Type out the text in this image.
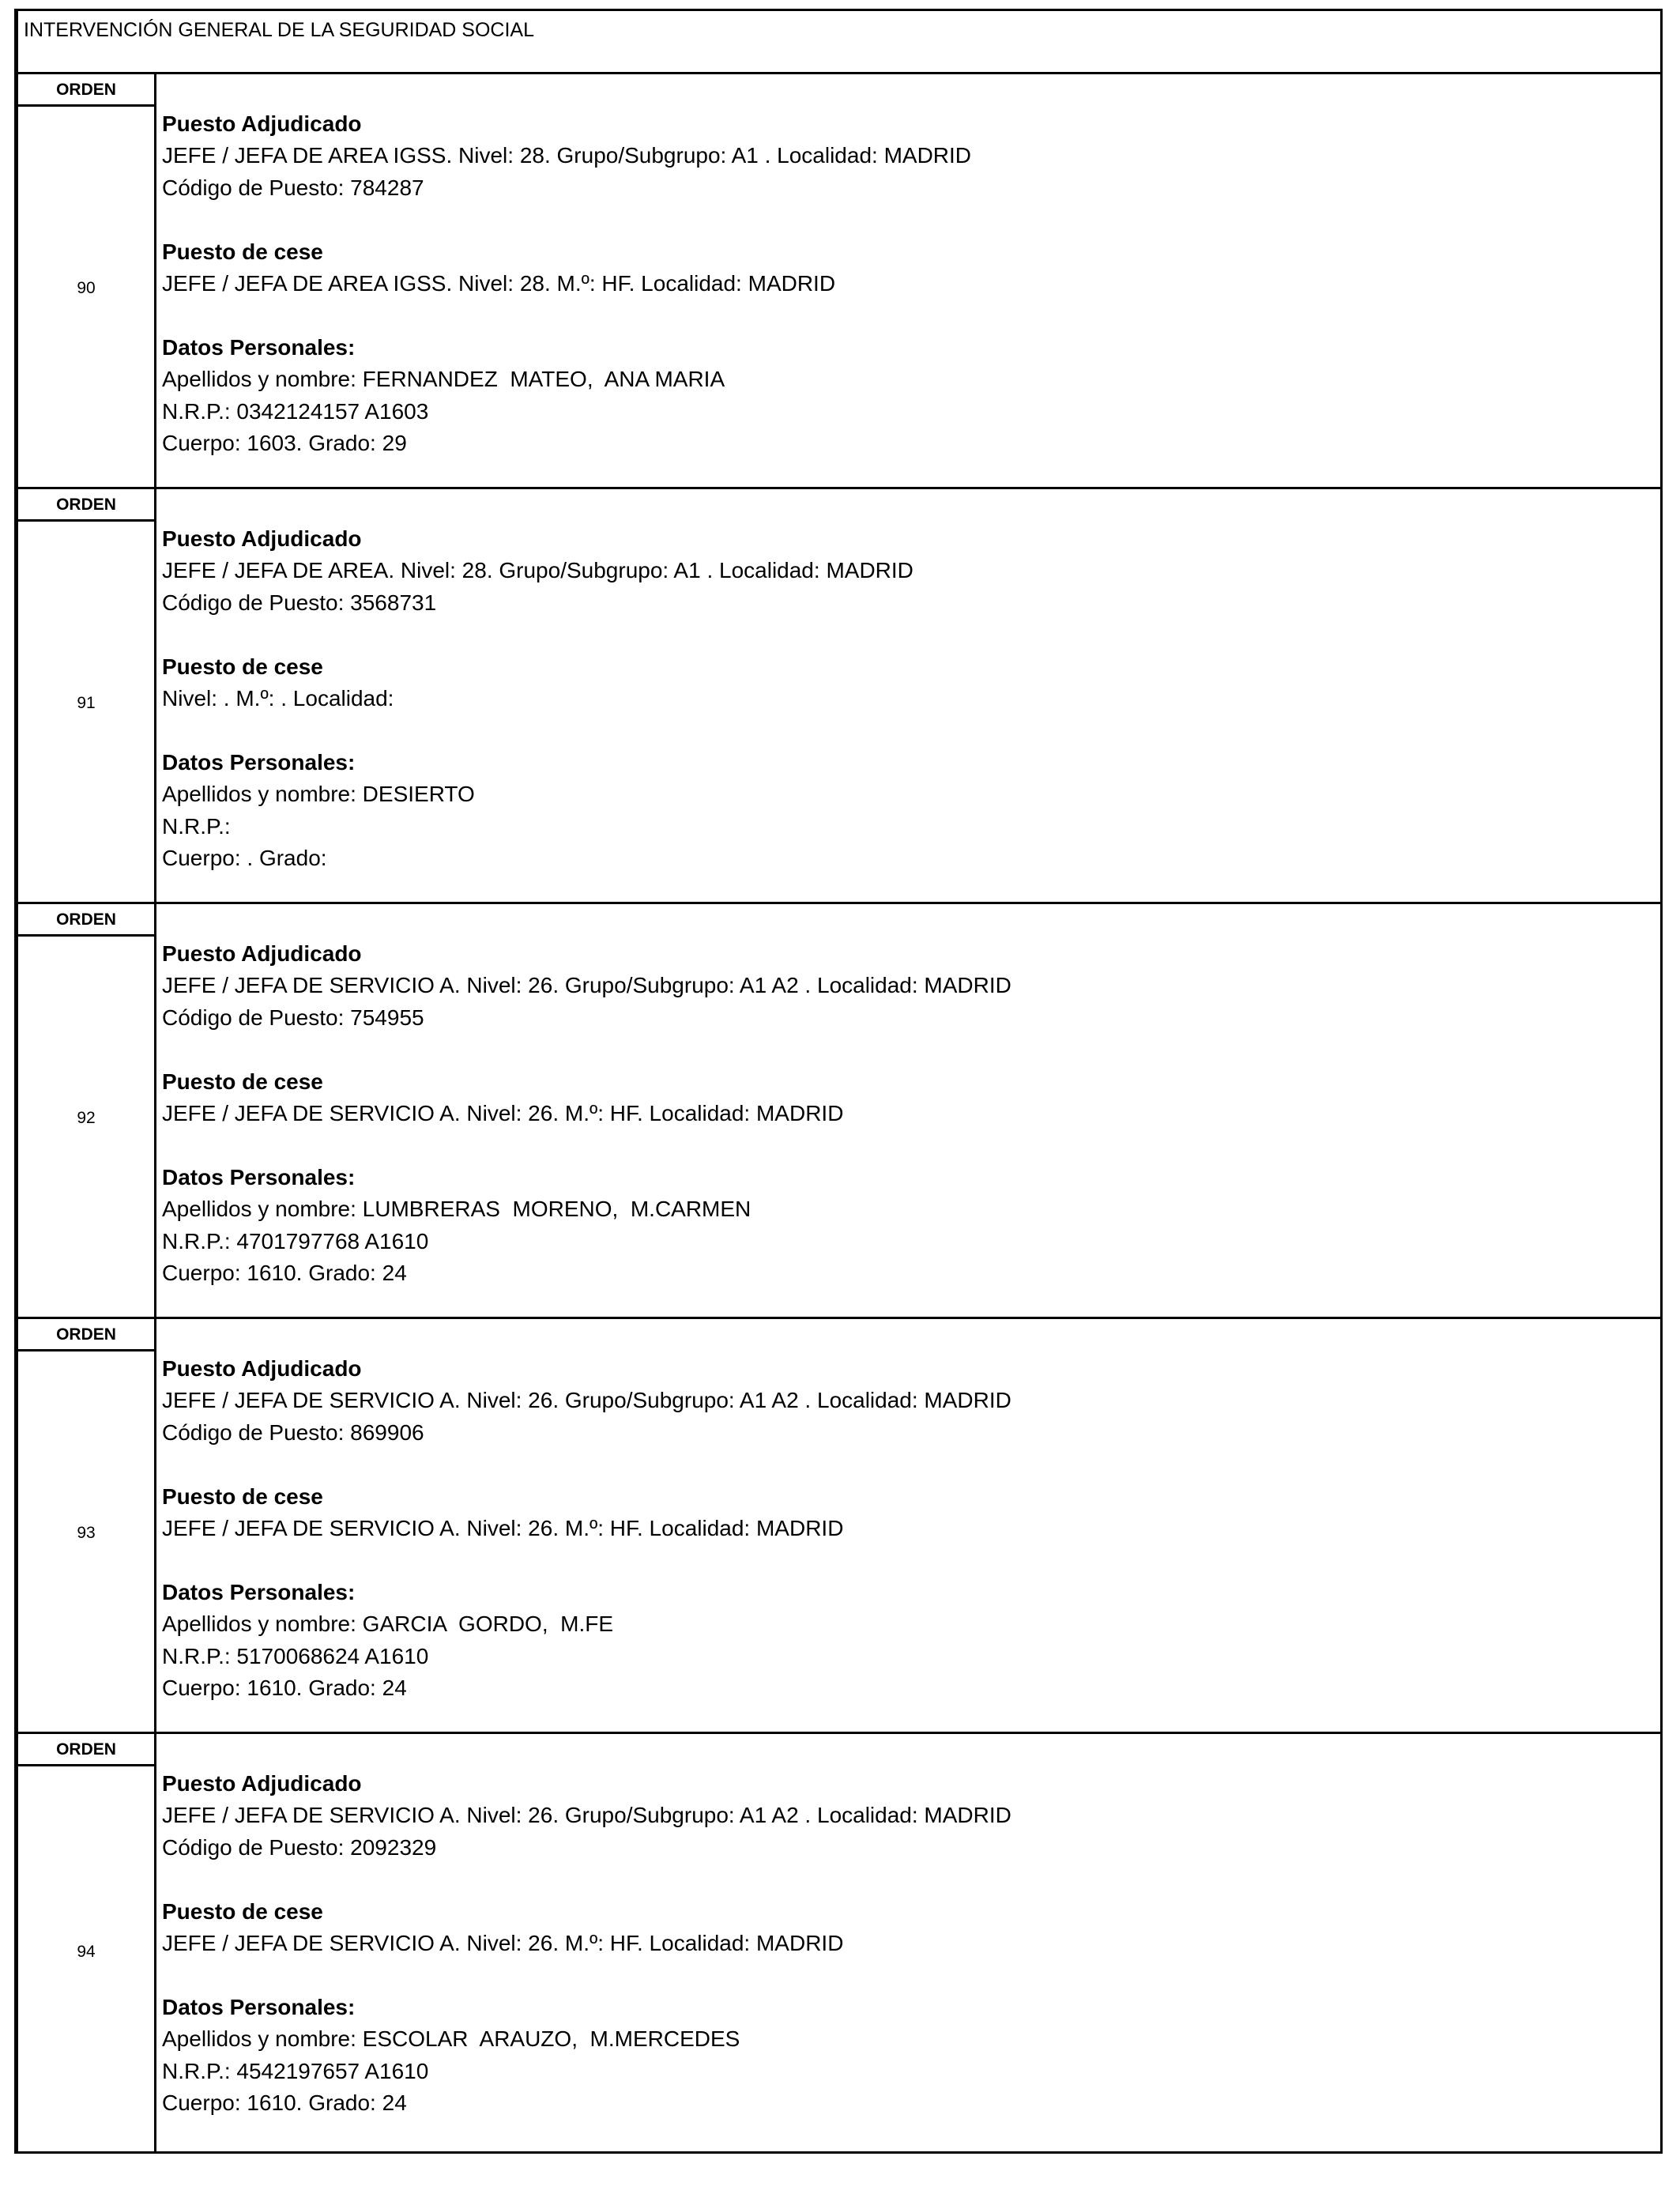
INTERVENCIÓN GENERAL DE LA SEGURIDAD SOCIAL
ORDEN
90
Puesto Adjudicado
JEFE / JEFA DE AREA IGSS. Nivel: 28. Grupo/Subgrupo: A1 . Localidad: MADRID
Código de Puesto: 784287
Puesto de cese
JEFE / JEFA DE AREA IGSS. Nivel: 28. M.º: HF. Localidad: MADRID
Datos Personales:
Apellidos y nombre: FERNANDEZ  MATEO,  ANA MARIA
N.R.P.: 0342124157 A1603
Cuerpo: 1603. Grado: 29
ORDEN
91
Puesto Adjudicado
JEFE / JEFA DE AREA. Nivel: 28. Grupo/Subgrupo: A1 . Localidad: MADRID
Código de Puesto: 3568731
Puesto de cese
Nivel: . M.º: . Localidad:
Datos Personales:
Apellidos y nombre: DESIERTO
N.R.P.:
Cuerpo: . Grado:
ORDEN
92
Puesto Adjudicado
JEFE / JEFA DE SERVICIO A. Nivel: 26. Grupo/Subgrupo: A1 A2 . Localidad: MADRID
Código de Puesto: 754955
Puesto de cese
JEFE / JEFA DE SERVICIO A. Nivel: 26. M.º: HF. Localidad: MADRID
Datos Personales:
Apellidos y nombre: LUMBRERAS  MORENO,  M.CARMEN
N.R.P.: 4701797768 A1610
Cuerpo: 1610. Grado: 24
ORDEN
93
Puesto Adjudicado
JEFE / JEFA DE SERVICIO A. Nivel: 26. Grupo/Subgrupo: A1 A2 . Localidad: MADRID
Código de Puesto: 869906
Puesto de cese
JEFE / JEFA DE SERVICIO A. Nivel: 26. M.º: HF. Localidad: MADRID
Datos Personales:
Apellidos y nombre: GARCIA  GORDO,  M.FE
N.R.P.: 5170068624 A1610
Cuerpo: 1610. Grado: 24
ORDEN
94
Puesto Adjudicado
JEFE / JEFA DE SERVICIO A. Nivel: 26. Grupo/Subgrupo: A1 A2 . Localidad: MADRID
Código de Puesto: 2092329
Puesto de cese
JEFE / JEFA DE SERVICIO A. Nivel: 26. M.º: HF. Localidad: MADRID
Datos Personales:
Apellidos y nombre: ESCOLAR  ARAUZO,  M.MERCEDES
N.R.P.: 4542197657 A1610
Cuerpo: 1610. Grado: 24
